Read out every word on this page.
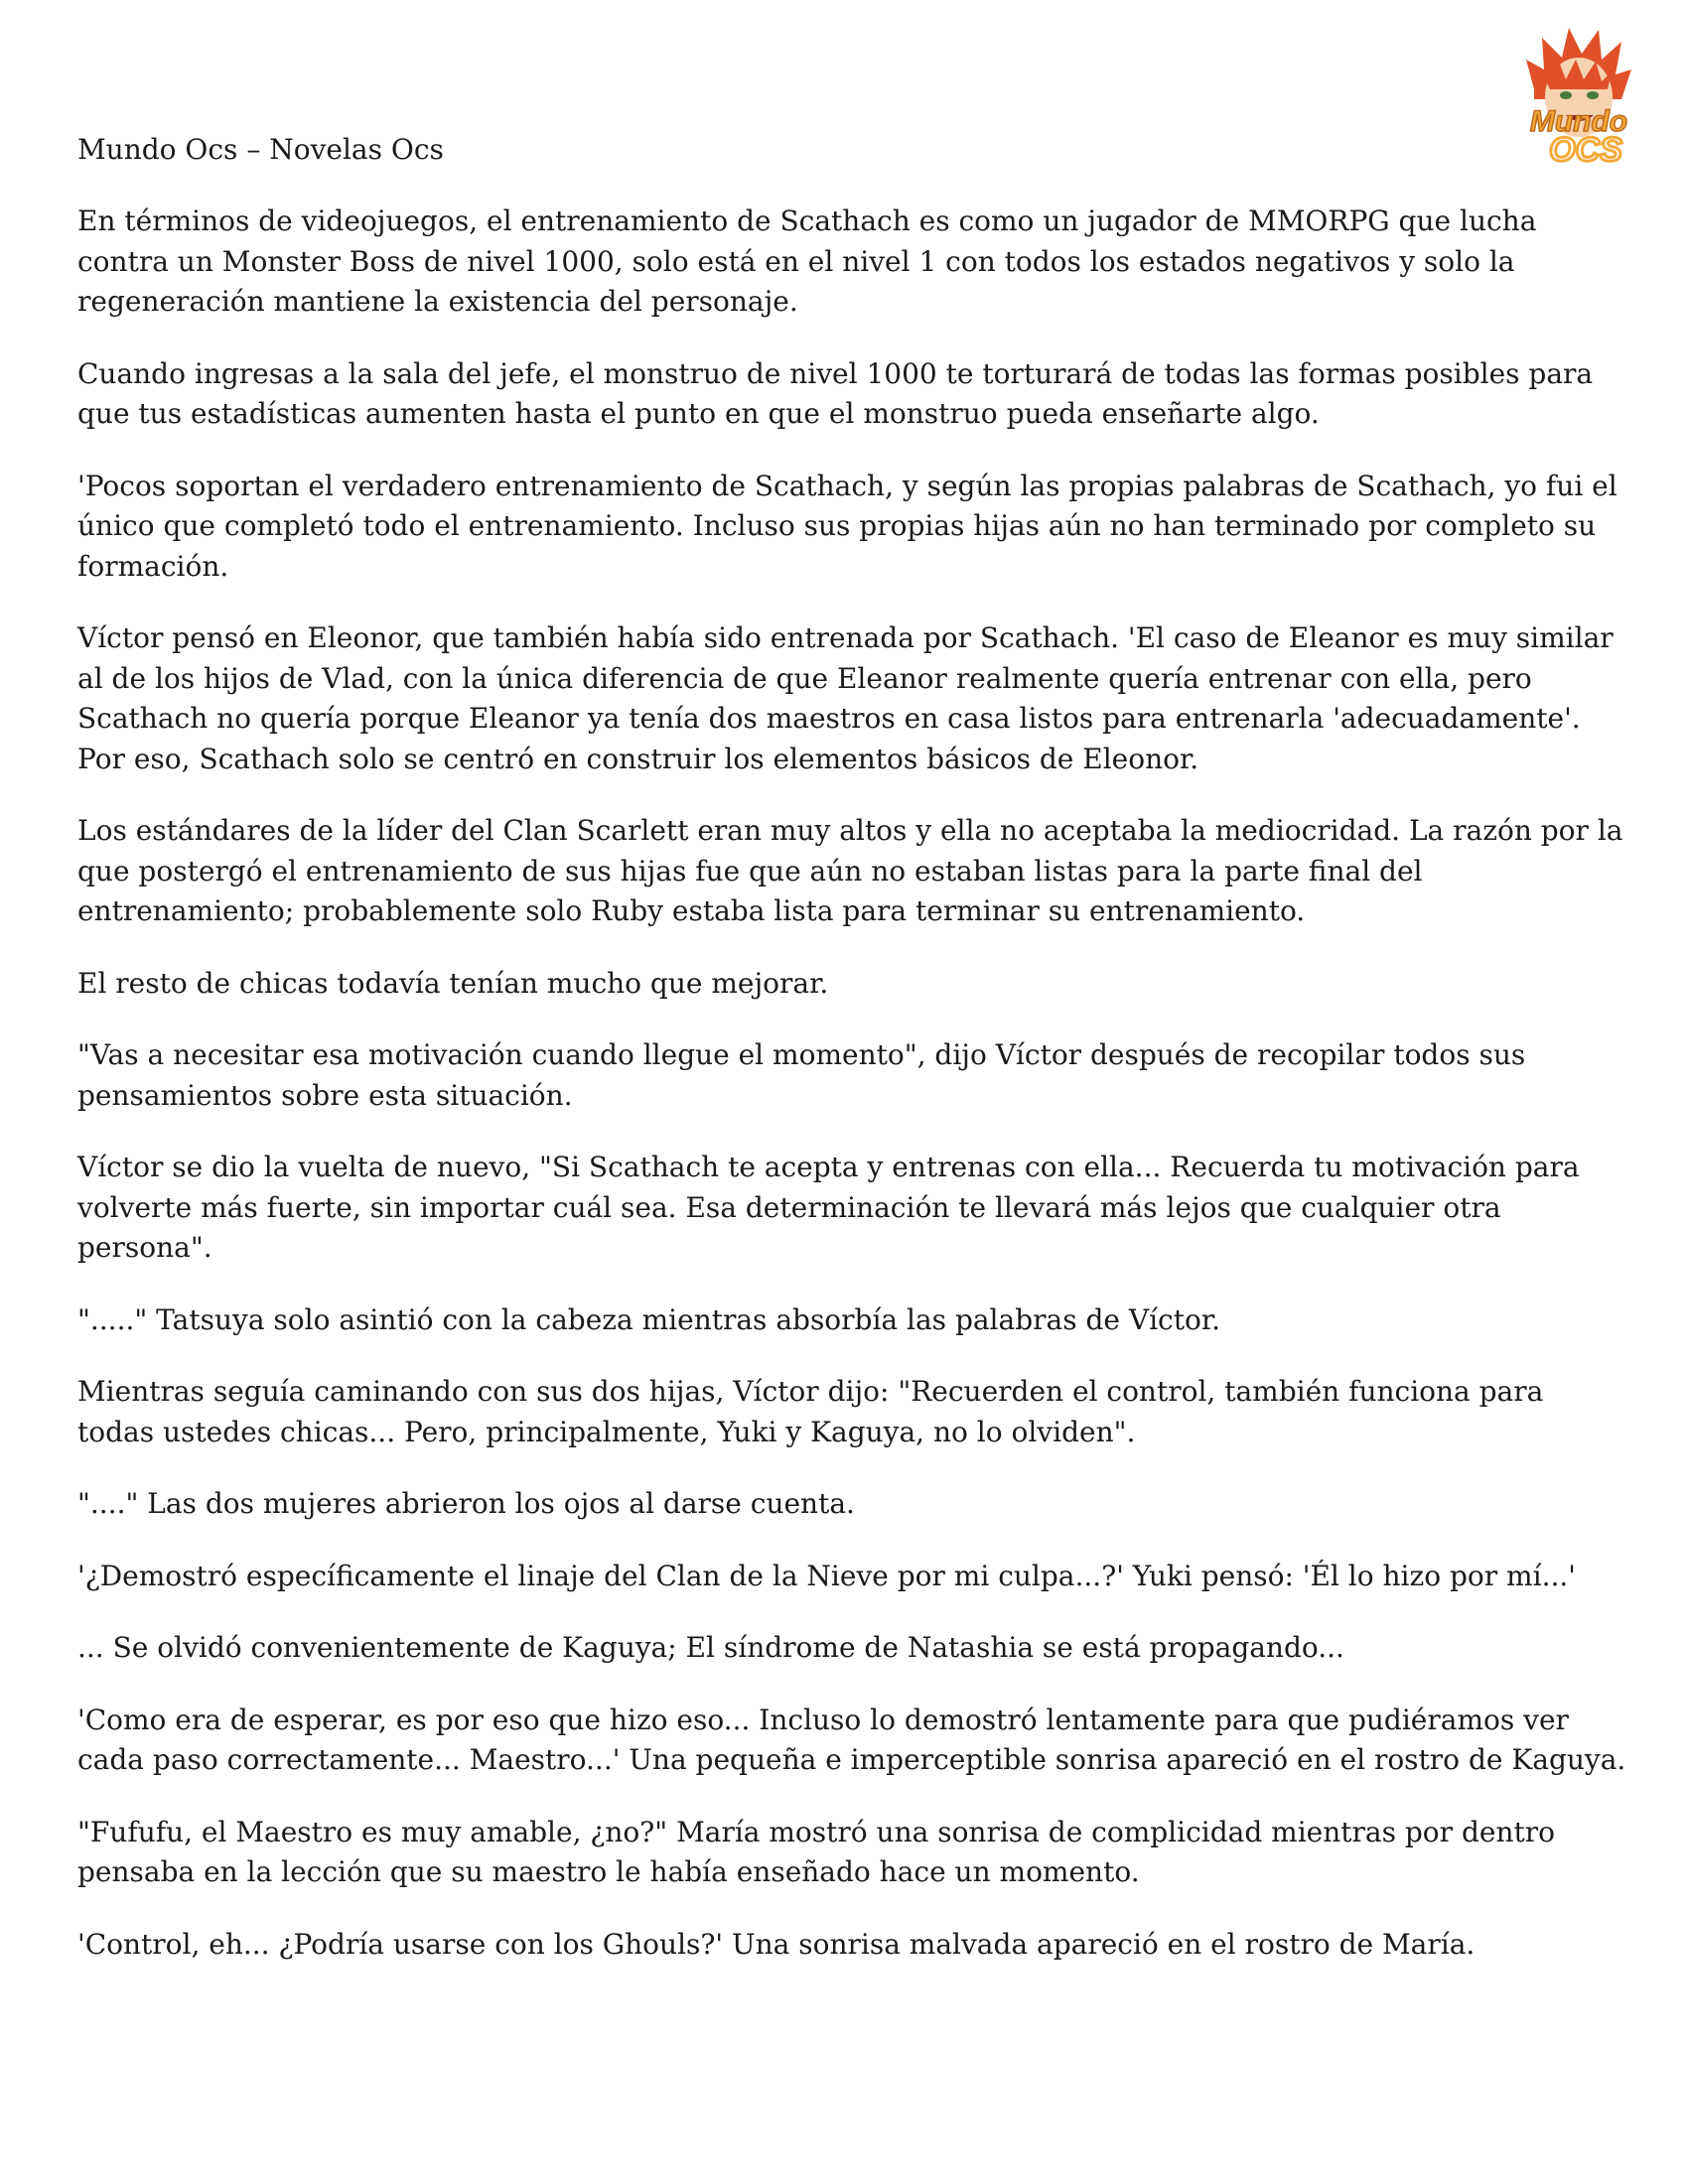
Mundo
OCS

Mundo Ocs – Novelas Ocs

En términos de videojuegos, el entrenamiento de Scathach es como un jugador de MMORPG que lucha contra un Monster Boss de nivel 1000, solo está en el nivel 1 con todos los estados negativos y solo la regeneración mantiene la existencia del personaje.

Cuando ingresas a la sala del jefe, el monstruo de nivel 1000 te torturará de todas las formas posibles para que tus estadísticas aumenten hasta el punto en que el monstruo pueda enseñarte algo.

'Pocos soportan el verdadero entrenamiento de Scathach, y según las propias palabras de Scathach, yo fui el único que completó todo el entrenamiento. Incluso sus propias hijas aún no han terminado por completo su formación.

Víctor pensó en Eleonor, que también había sido entrenada por Scathach. 'El caso de Eleanor es muy similar al de los hijos de Vlad, con la única diferencia de que Eleanor realmente quería entrenar con ella, pero Scathach no quería porque Eleanor ya tenía dos maestros en casa listos para entrenarla 'adecuadamente'. Por eso, Scathach solo se centró en construir los elementos básicos de Eleonor.

Los estándares de la líder del Clan Scarlett eran muy altos y ella no aceptaba la mediocridad. La razón por la que postergó el entrenamiento de sus hijas fue que aún no estaban listas para la parte final del entrenamiento; probablemente solo Ruby estaba lista para terminar su entrenamiento.

El resto de chicas todavía tenían mucho que mejorar.

"Vas a necesitar esa motivación cuando llegue el momento", dijo Víctor después de recopilar todos sus pensamientos sobre esta situación.

Víctor se dio la vuelta de nuevo, "Si Scathach te acepta y entrenas con ella... Recuerda tu motivación para volverte más fuerte, sin importar cuál sea. Esa determinación te llevará más lejos que cualquier otra persona".

"....." Tatsuya solo asintió con la cabeza mientras absorbía las palabras de Víctor.

Mientras seguía caminando con sus dos hijas, Víctor dijo: "Recuerden el control, también funciona para todas ustedes chicas... Pero, principalmente, Yuki y Kaguya, no lo olviden".

"...." Las dos mujeres abrieron los ojos al darse cuenta.

'¿Demostró específicamente el linaje del Clan de la Nieve por mi culpa...?' Yuki pensó: 'Él lo hizo por mí...'

... Se olvidó convenientemente de Kaguya; El síndrome de Natashia se está propagando...

'Como era de esperar, es por eso que hizo eso... Incluso lo demostró lentamente para que pudiéramos ver cada paso correctamente... Maestro...' Una pequeña e imperceptible sonrisa apareció en el rostro de Kaguya.

"Fufufu, el Maestro es muy amable, ¿no?" María mostró una sonrisa de complicidad mientras por dentro pensaba en la lección que su maestro le había enseñado hace un momento.

'Control, eh... ¿Podría usarse con los Ghouls?' Una sonrisa malvada apareció en el rostro de María.
